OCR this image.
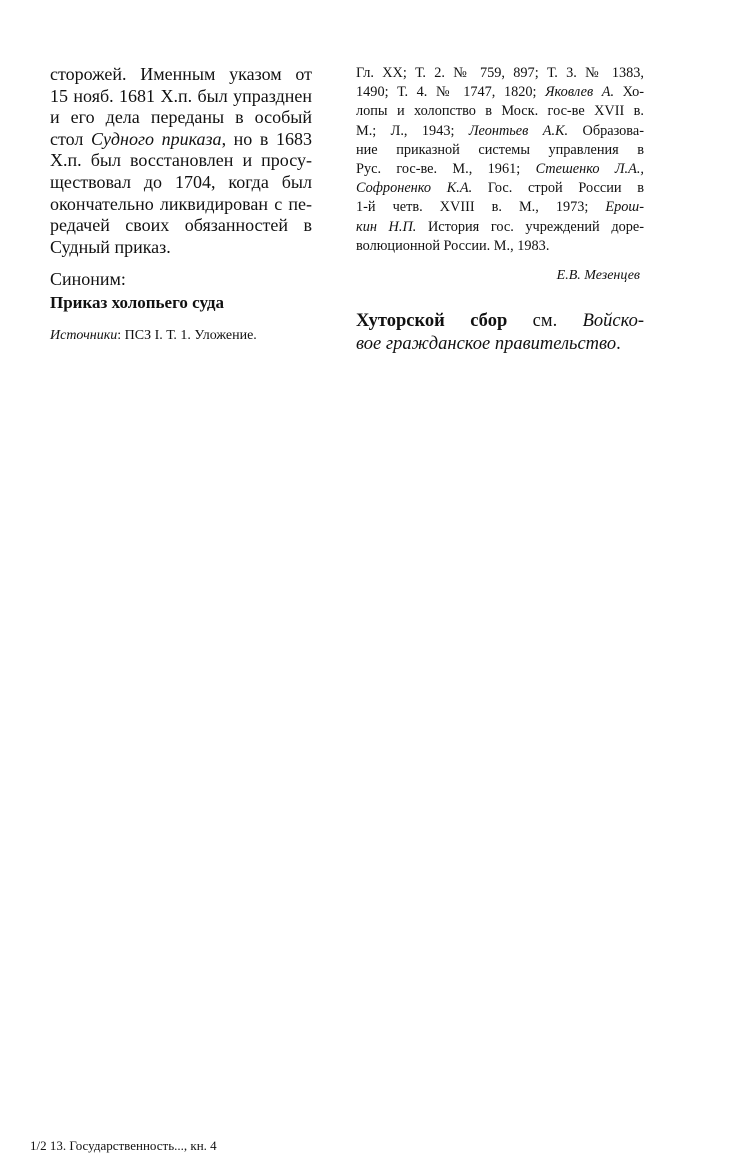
сторожей. Именным указом от
15 нояб. 1681 Х.п. был упразднен
и его дела переданы в особый
стол Судного приказа, но в 1683
Х.п. был восстановлен и просу-
ществовал до 1704, когда был
окончательно ликвидирован с пе-
редачей своих обязанностей в
Судный приказ.
Синоним:
Приказ холопьего суда
Источники: ПСЗ I. Т. 1. Уложение.
Гл. XX; Т. 2. № 759, 897; Т. 3. № 1383,
1490; Т. 4. № 1747, 1820; Яковлев А. Хо-
лопы и холопство в Моск. гос-ве XVII в.
М.; Л., 1943; Леонтьев А.К. Образова-
ние приказной системы управления в
Рус. гос-ве. М., 1961; Стешенко Л.А.,
Софроненко К.А. Гос. строй России в
1-й четв. XVIII в. М., 1973; Ерош-
кин Н.П. История гос. учреждений доре-
волюционной России. М., 1983.
Е.В. Мезенцев
Хуторской сбор см. Войско-
вое гражданское правительство.
1/2 13. Государственность..., кн. 4
